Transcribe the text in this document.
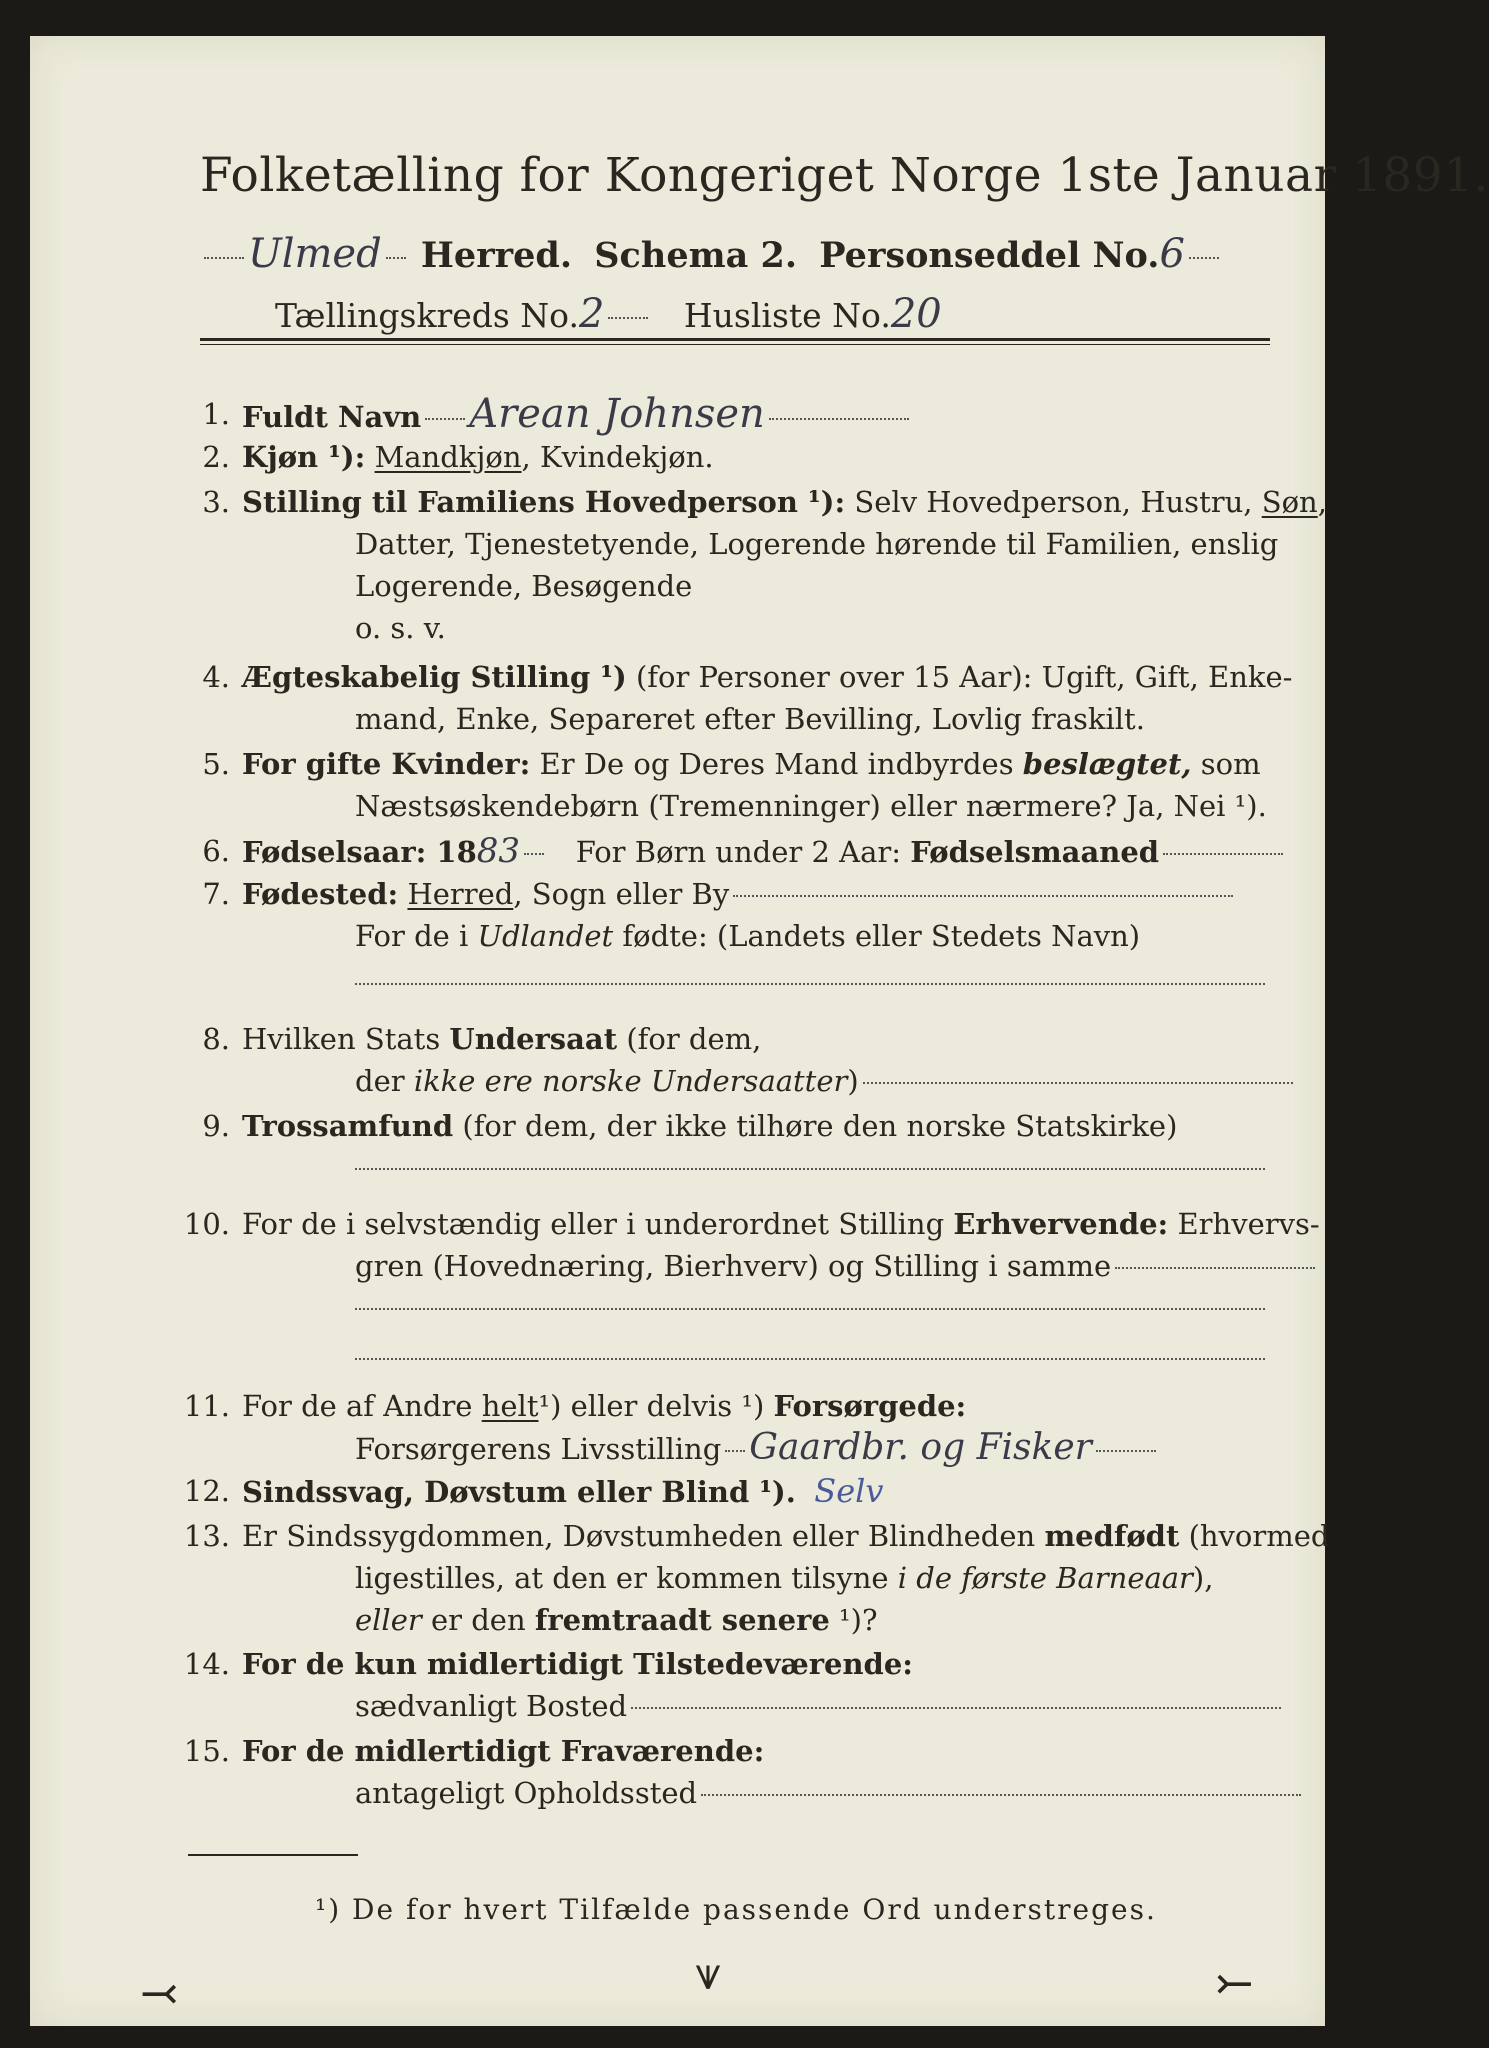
Folketælling for Kongeriget Norge 1ste Januar 1891.
Ulmed Herred. Schema 2. Personseddel No.6
Tællingskreds No.2 Husliste No.20
1. Fuldt Navn Arean Johnsen
2. Kjøn ¹): Mandkjøn, Kvindekjøn.
3. Stilling til Familiens Hovedperson ¹): Selv Hovedperson, Hustru, Søn,
Datter, Tjenestetyende, Logerende hørende til Familien, enslig
Logerende, Besøgende
o. s. v.
4. Ægteskabelig Stilling ¹) (for Personer over 15 Aar): Ugift, Gift, Enke-
mand, Enke, Separeret efter Bevilling, Lovlig fraskilt.
5. For gifte Kvinder: Er De og Deres Mand indbyrdes beslægtet, som
Næstsøskendebørn (Tremenninger) eller nærmere? Ja, Nei ¹).
6. Fødselsaar: 1883 For Børn under 2 Aar: Fødselsmaaned
7. Fødested: Herred, Sogn eller By
For de i Udlandet fødte: (Landets eller Stedets Navn)
8. Hvilken Stats Undersaat (for dem,
der ikke ere norske Undersaatter)
9. Trossamfund (for dem, der ikke tilhøre den norske Statskirke)
10. For de i selvstændig eller i underordnet Stilling Erhvervende: Erhvervs-
gren (Hovednæring, Bierhverv) og Stilling i samme
11. For de af Andre helt¹) eller delvis ¹) Forsørgede:
Forsørgerens Livsstilling Gaardbr. og Fisker
12. Sindssvag, Døvstum eller Blind ¹). Selv
13. Er Sindssygdommen, Døvstumheden eller Blindheden medfødt (hvormed
ligestilles, at den er kommen tilsyne i de første Barneaar),
eller er den fremtraadt senere ¹)?
14. For de kun midlertidigt Tilstedeværende:
sædvanligt Bosted
15. For de midlertidigt Fraværende:
antageligt Opholdssted
¹) De for hvert Tilfælde passende Ord understreges.
⤙	⩛	⤚
